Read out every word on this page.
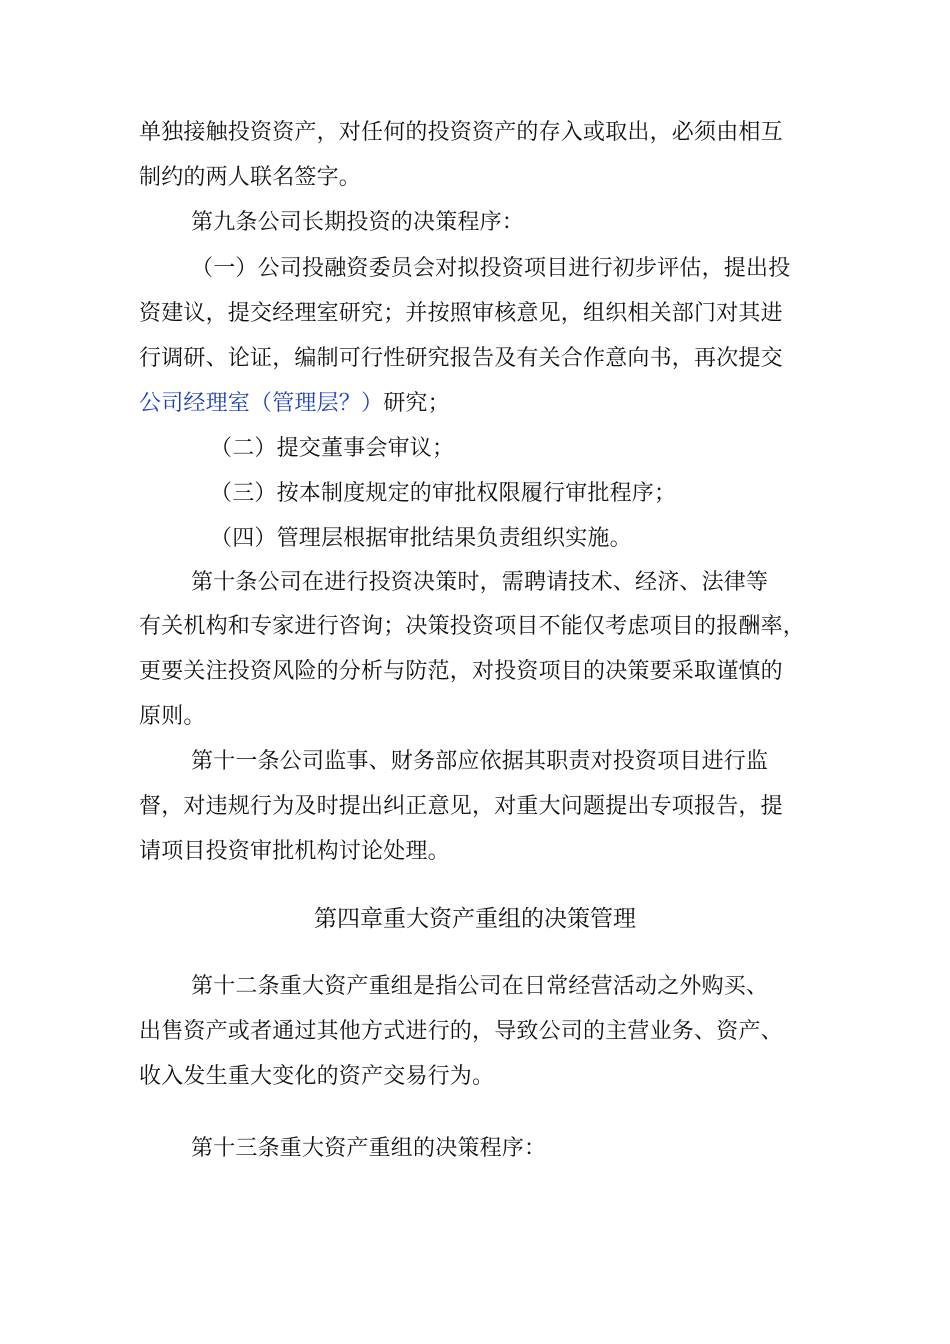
单独接触投资资产，对任何的投资资产的存入或取出，必须由相互
制约的两人联名签字。
第九条公司长期投资的决策程序：
（一）公司投融资委员会对拟投资项目进行初步评估，提出投
资建议，提交经理室研究；并按照审核意见，组织相关部门对其进
行调研、论证，编制可行性研究报告及有关合作意向书，再次提交
公司经理室（管理层？）研究；
（二）提交董事会审议；
（三）按本制度规定的审批权限履行审批程序；
（四）管理层根据审批结果负责组织实施。
第十条公司在进行投资决策时，需聘请技术、经济、法律等
有关机构和专家进行咨询；决策投资项目不能仅考虑项目的报酬率，
更要关注投资风险的分析与防范，对投资项目的决策要采取谨慎的
原则。
第十一条公司监事、财务部应依据其职责对投资项目进行监
督，对违规行为及时提出纠正意见，对重大问题提出专项报告，提
请项目投资审批机构讨论处理。
第四章重大资产重组的决策管理
第十二条重大资产重组是指公司在日常经营活动之外购买、
出售资产或者通过其他方式进行的，导致公司的主营业务、资产、
收入发生重大变化的资产交易行为。
第十三条重大资产重组的决策程序：
